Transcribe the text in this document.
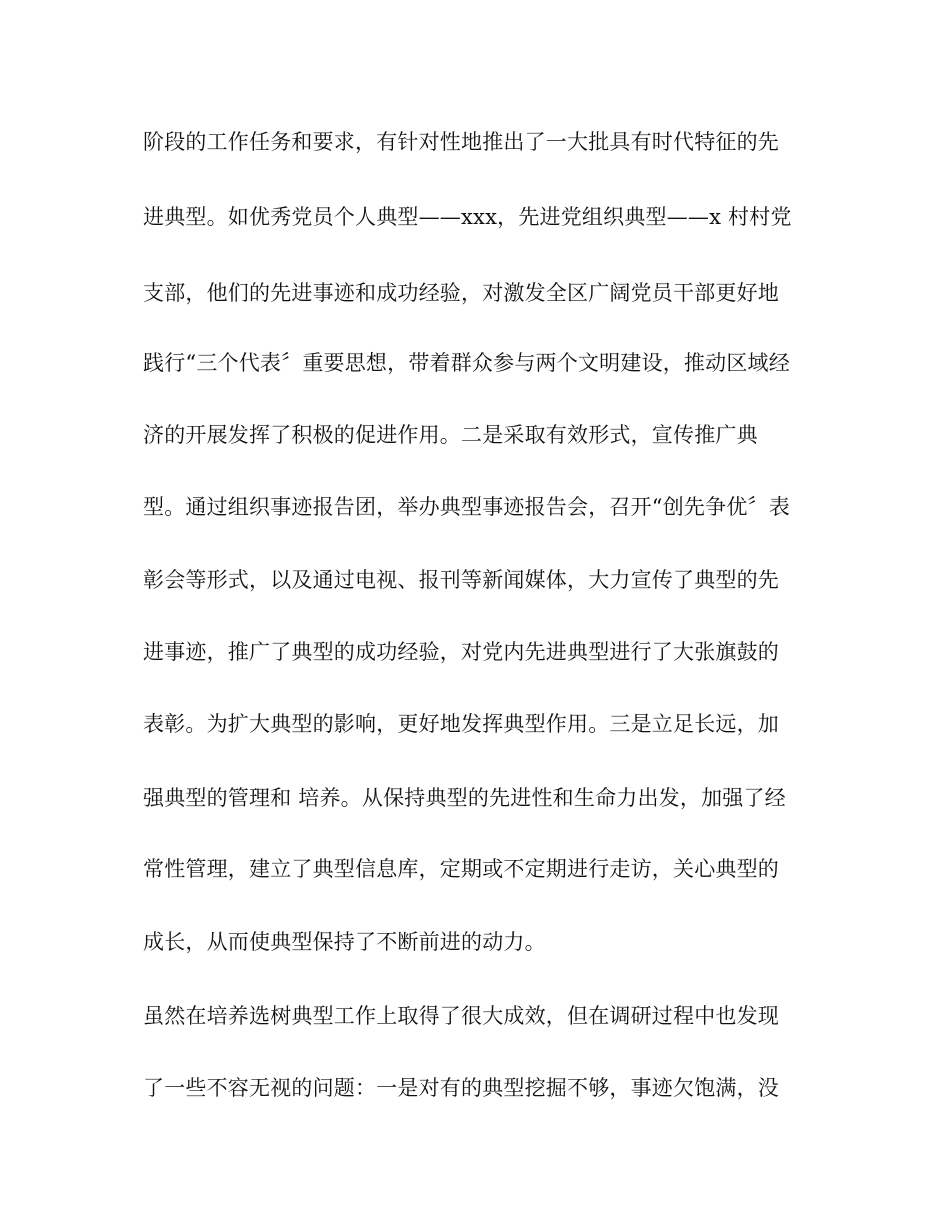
阶段的工作任务和要求，有针对性地推出了一大批具有时代特征的先
进典型。如优秀党员个人典型——xxx，先进党组织典型——x 村村党
支部，他们的先进事迹和成功经验，对激发全区广阔党员干部更好地
践行“三个代表〞重要思想，带着群众参与两个文明建设，推动区域经
济的开展发挥了积极的促进作用。二是采取有效形式，宣传推广典
型。通过组织事迹报告团，举办典型事迹报告会，召开“创先争优〞表
彰会等形式，以及通过电视、报刊等新闻媒体，大力宣传了典型的先
进事迹，推广了典型的成功经验，对党内先进典型进行了大张旗鼓的
表彰。为扩大典型的影响，更好地发挥典型作用。三是立足长远，加
强典型的管理和 培养。从保持典型的先进性和生命力出发，加强了经
常性管理，建立了典型信息库，定期或不定期进行走访，关心典型的
成长，从而使典型保持了不断前进的动力。
虽然在培养选树典型工作上取得了很大成效，但在调研过程中也发现
了一些不容无视的问题：一是对有的典型挖掘不够，事迹欠饱满，没
